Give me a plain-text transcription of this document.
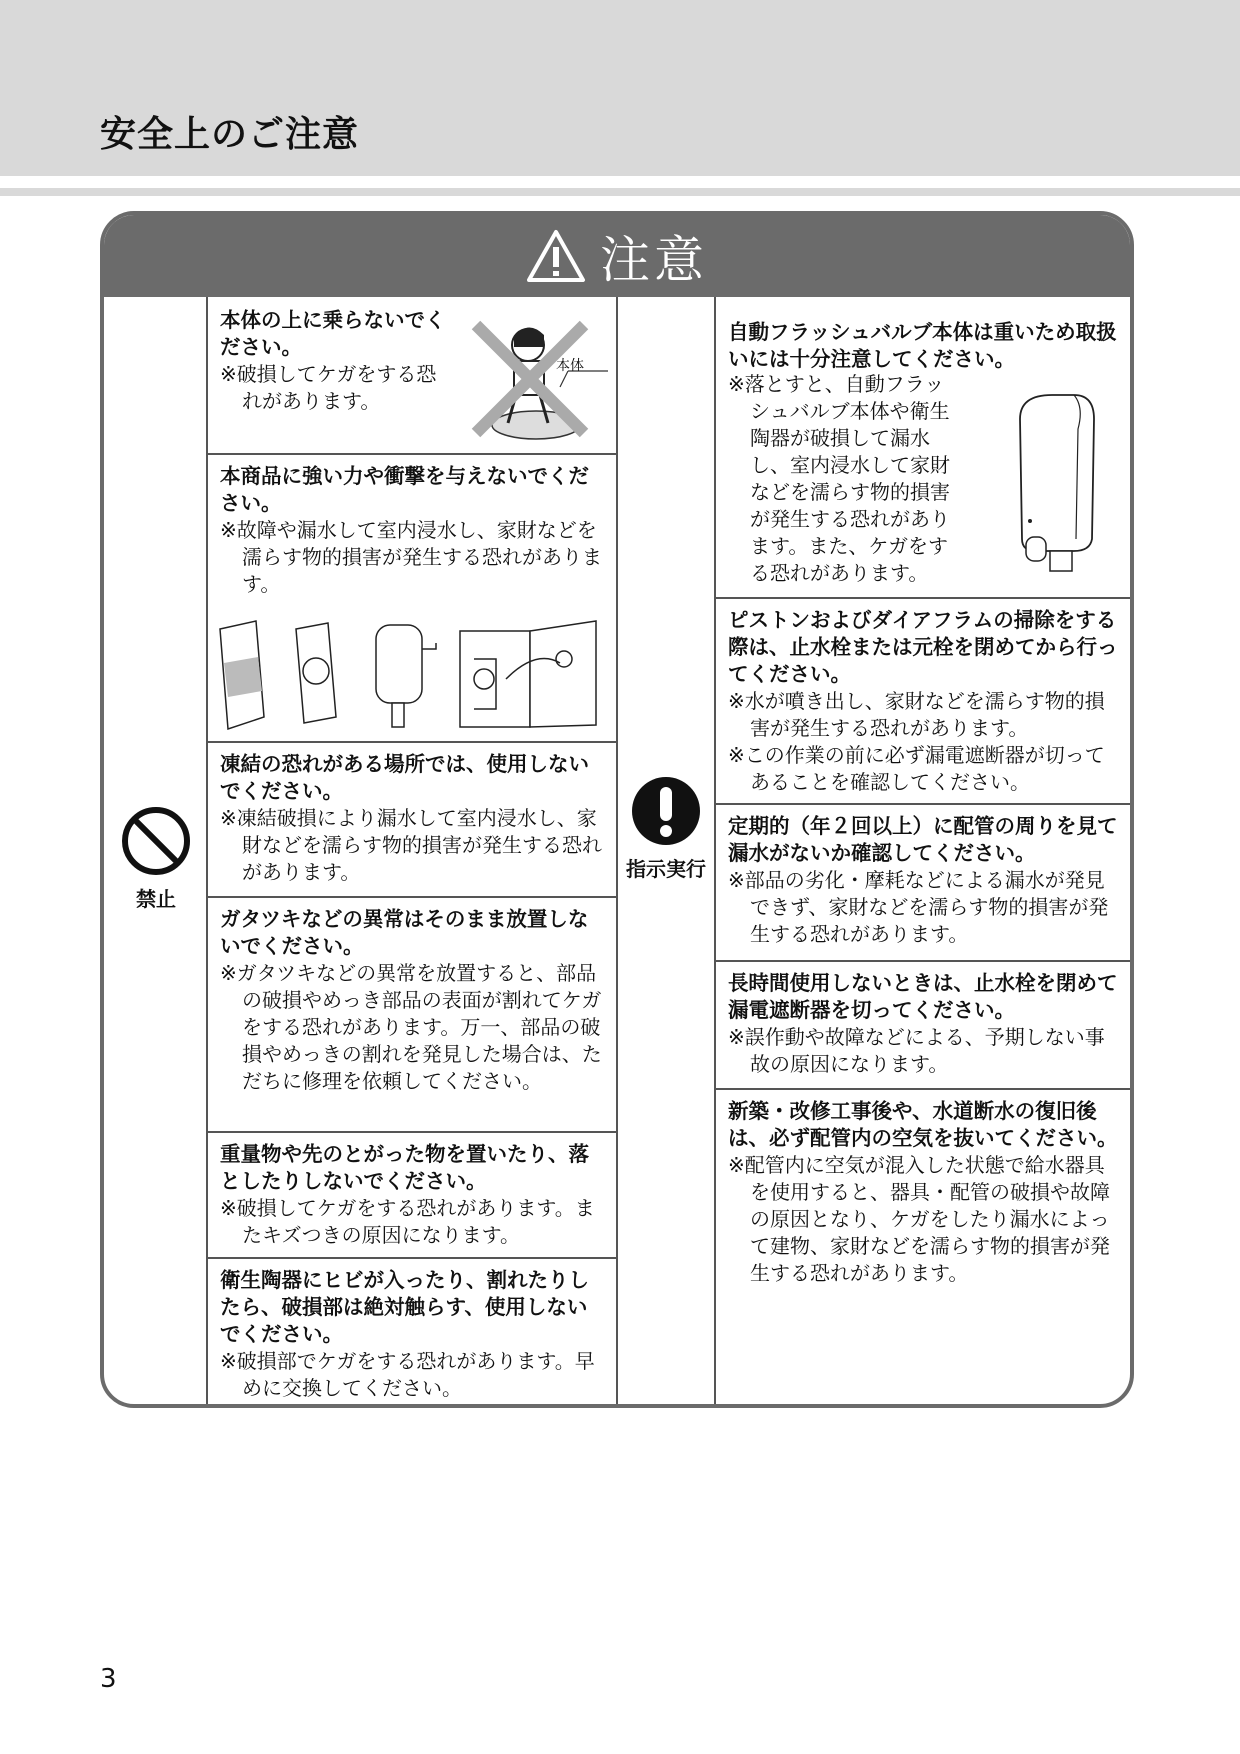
安全上のご注意
注意
禁止
指示実行

本体の上に乗らないでください。

※破損してケガをする恐れがあります。

本体

本商品に強い力や衝撃を与えないでください。

※故障や漏水して室内浸水し、家財などを濡らす物的損害が発生する恐れがあります。

凍結の恐れがある場所では、使用しないでください。

※凍結破損により漏水して室内浸水し、家財などを濡らす物的損害が発生する恐れがあります。

ガタツキなどの異常はそのまま放置しないでください。

※ガタツキなどの異常を放置すると、部品の破損やめっき部品の表面が割れてケガをする恐れがあります。万一、部品の破損やめっきの割れを発見した場合は、ただちに修理を依頼してください。

重量物や先のとがった物を置いたり、落としたりしないでください。

※破損してケガをする恐れがあります。またキズつきの原因になります。

衛生陶器にヒビが入ったり、割れたりしたら、破損部は絶対触らす、使用しないでください。

※破損部でケガをする恐れがあります。早めに交換してください。

自動フラッシュバルブ本体は重いため取扱いには十分注意してください。

※落とすと、自動フラッシュバルブ本体や衛生陶器が破損して漏水し、室内浸水して家財などを濡らす物的損害が発生する恐れがあります。また、ケガをする恐れがあります。

ピストンおよびダイアフラムの掃除をする際は、止水栓または元栓を閉めてから行ってください。

※水が噴き出し、家財などを濡らす物的損害が発生する恐れがあります。

※この作業の前に必ず漏電遮断器が切ってあることを確認してください。

定期的（年２回以上）に配管の周りを見て漏水がないか確認してください。

※部品の劣化・摩耗などによる漏水が発見できず、家財などを濡らす物的損害が発生する恐れがあります。

長時間使用しないときは、止水栓を閉めて漏電遮断器を切ってください。

※誤作動や故障などによる、予期しない事故の原因になります。

新築・改修工事後や、水道断水の復旧後は、必ず配管内の空気を抜いてください。

※配管内に空気が混入した状態で給水器具を使用すると、器具・配管の破損や故障の原因となり、ケガをしたり漏水によって建物、家財などを濡らす物的損害が発生する恐れがあります。

3
